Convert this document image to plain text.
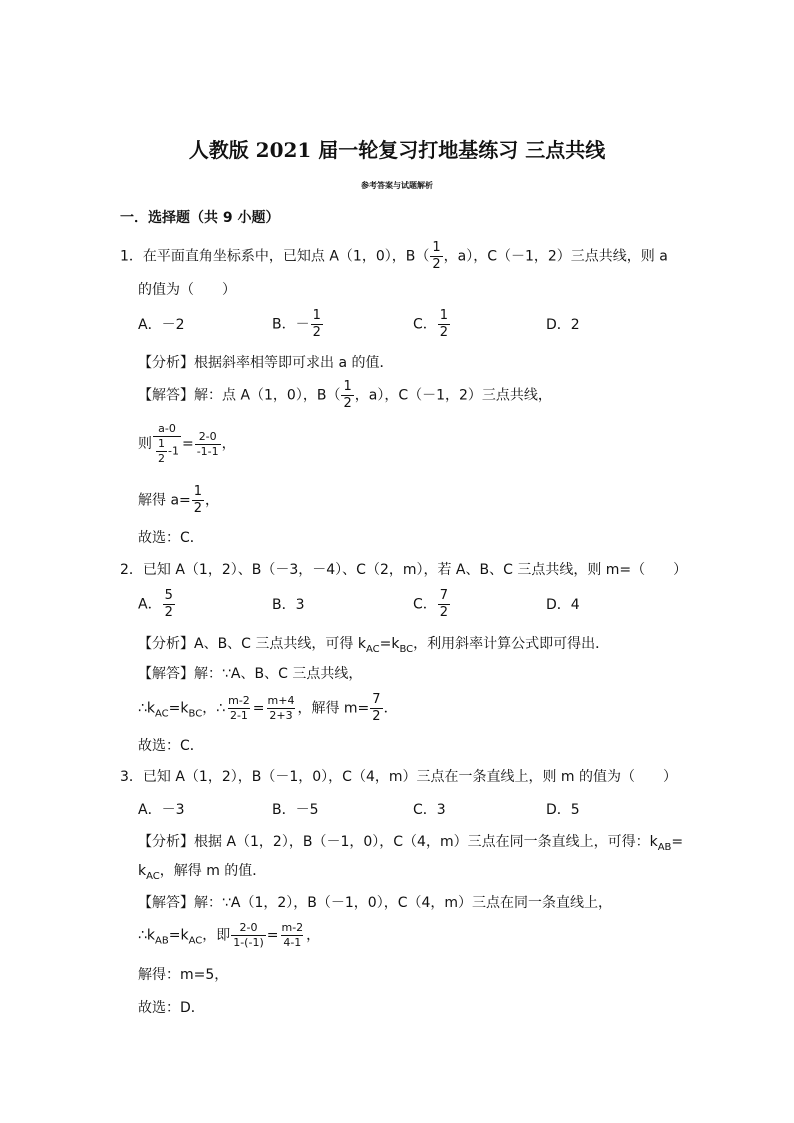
人教版 2021 届一轮复习打地基练习 三点共线
参考答案与试题解析
一．选择题（共 9 小题）
1．在平面直角坐标系中，已知点 A（1，0），$B( \frac{1}{2}$ ，a），C（－1，2）三点共线，则 a
的值为（　　）
A．－2	B．－ $\frac{1}{2}$	C． $\frac{1}{2}$	D．2
【分析】根据斜率相等即可求出 a 的值．
【解答】解：点 A（1，0），$B( \frac{1}{2}$ ，a），C（－1，2）三点共线，
则 $\frac{a-0}{\frac{1}{2} -1} = \frac{2-0}{-1-1}$ ，
解得 $a= \frac{1}{2}$ ，
故选：C．
2．已知 A（1，2）、B（－3，－4）、C（2，m），若 A、B、C 三点共线，则 m=（　　）
A． $\frac{5}{2}$	B．3	C． $\frac{7}{2}$	D．4
【分析】A、B、C 三点共线，可得 $k_{AC}=k_{BC}$，利用斜率计算公式即可得出．
【解答】解：∵A、B、C 三点共线，
$\therefore k_{AC}=k_{BC}$，∴ $\frac{m-2}{2-1} = \frac{m+4}{2+3}$ ，解得 $m= \frac{7}{2}$ ．
故选：C．
3．已知 A（1，2），B（－1，0），C（4，m）三点在一条直线上，则 m 的值为（　　）
A．－3	B．－5	C．3	D．5
【分析】根据 A（1，2），B（－1，0），C（4，m）三点在同一条直线上，可得：$k_{AB}=$
$k_{AC}$，解得 m 的值．
【解答】解：∵A（1，2），B（－1，0），C（4，m）三点在同一条直线上，
$\therefore k_{AB}=k_{AC}$，即 $\frac{2-0}{1-(-1)} = \frac{m-2}{4-1}$ ，
解得：m=5，
故选：D．
